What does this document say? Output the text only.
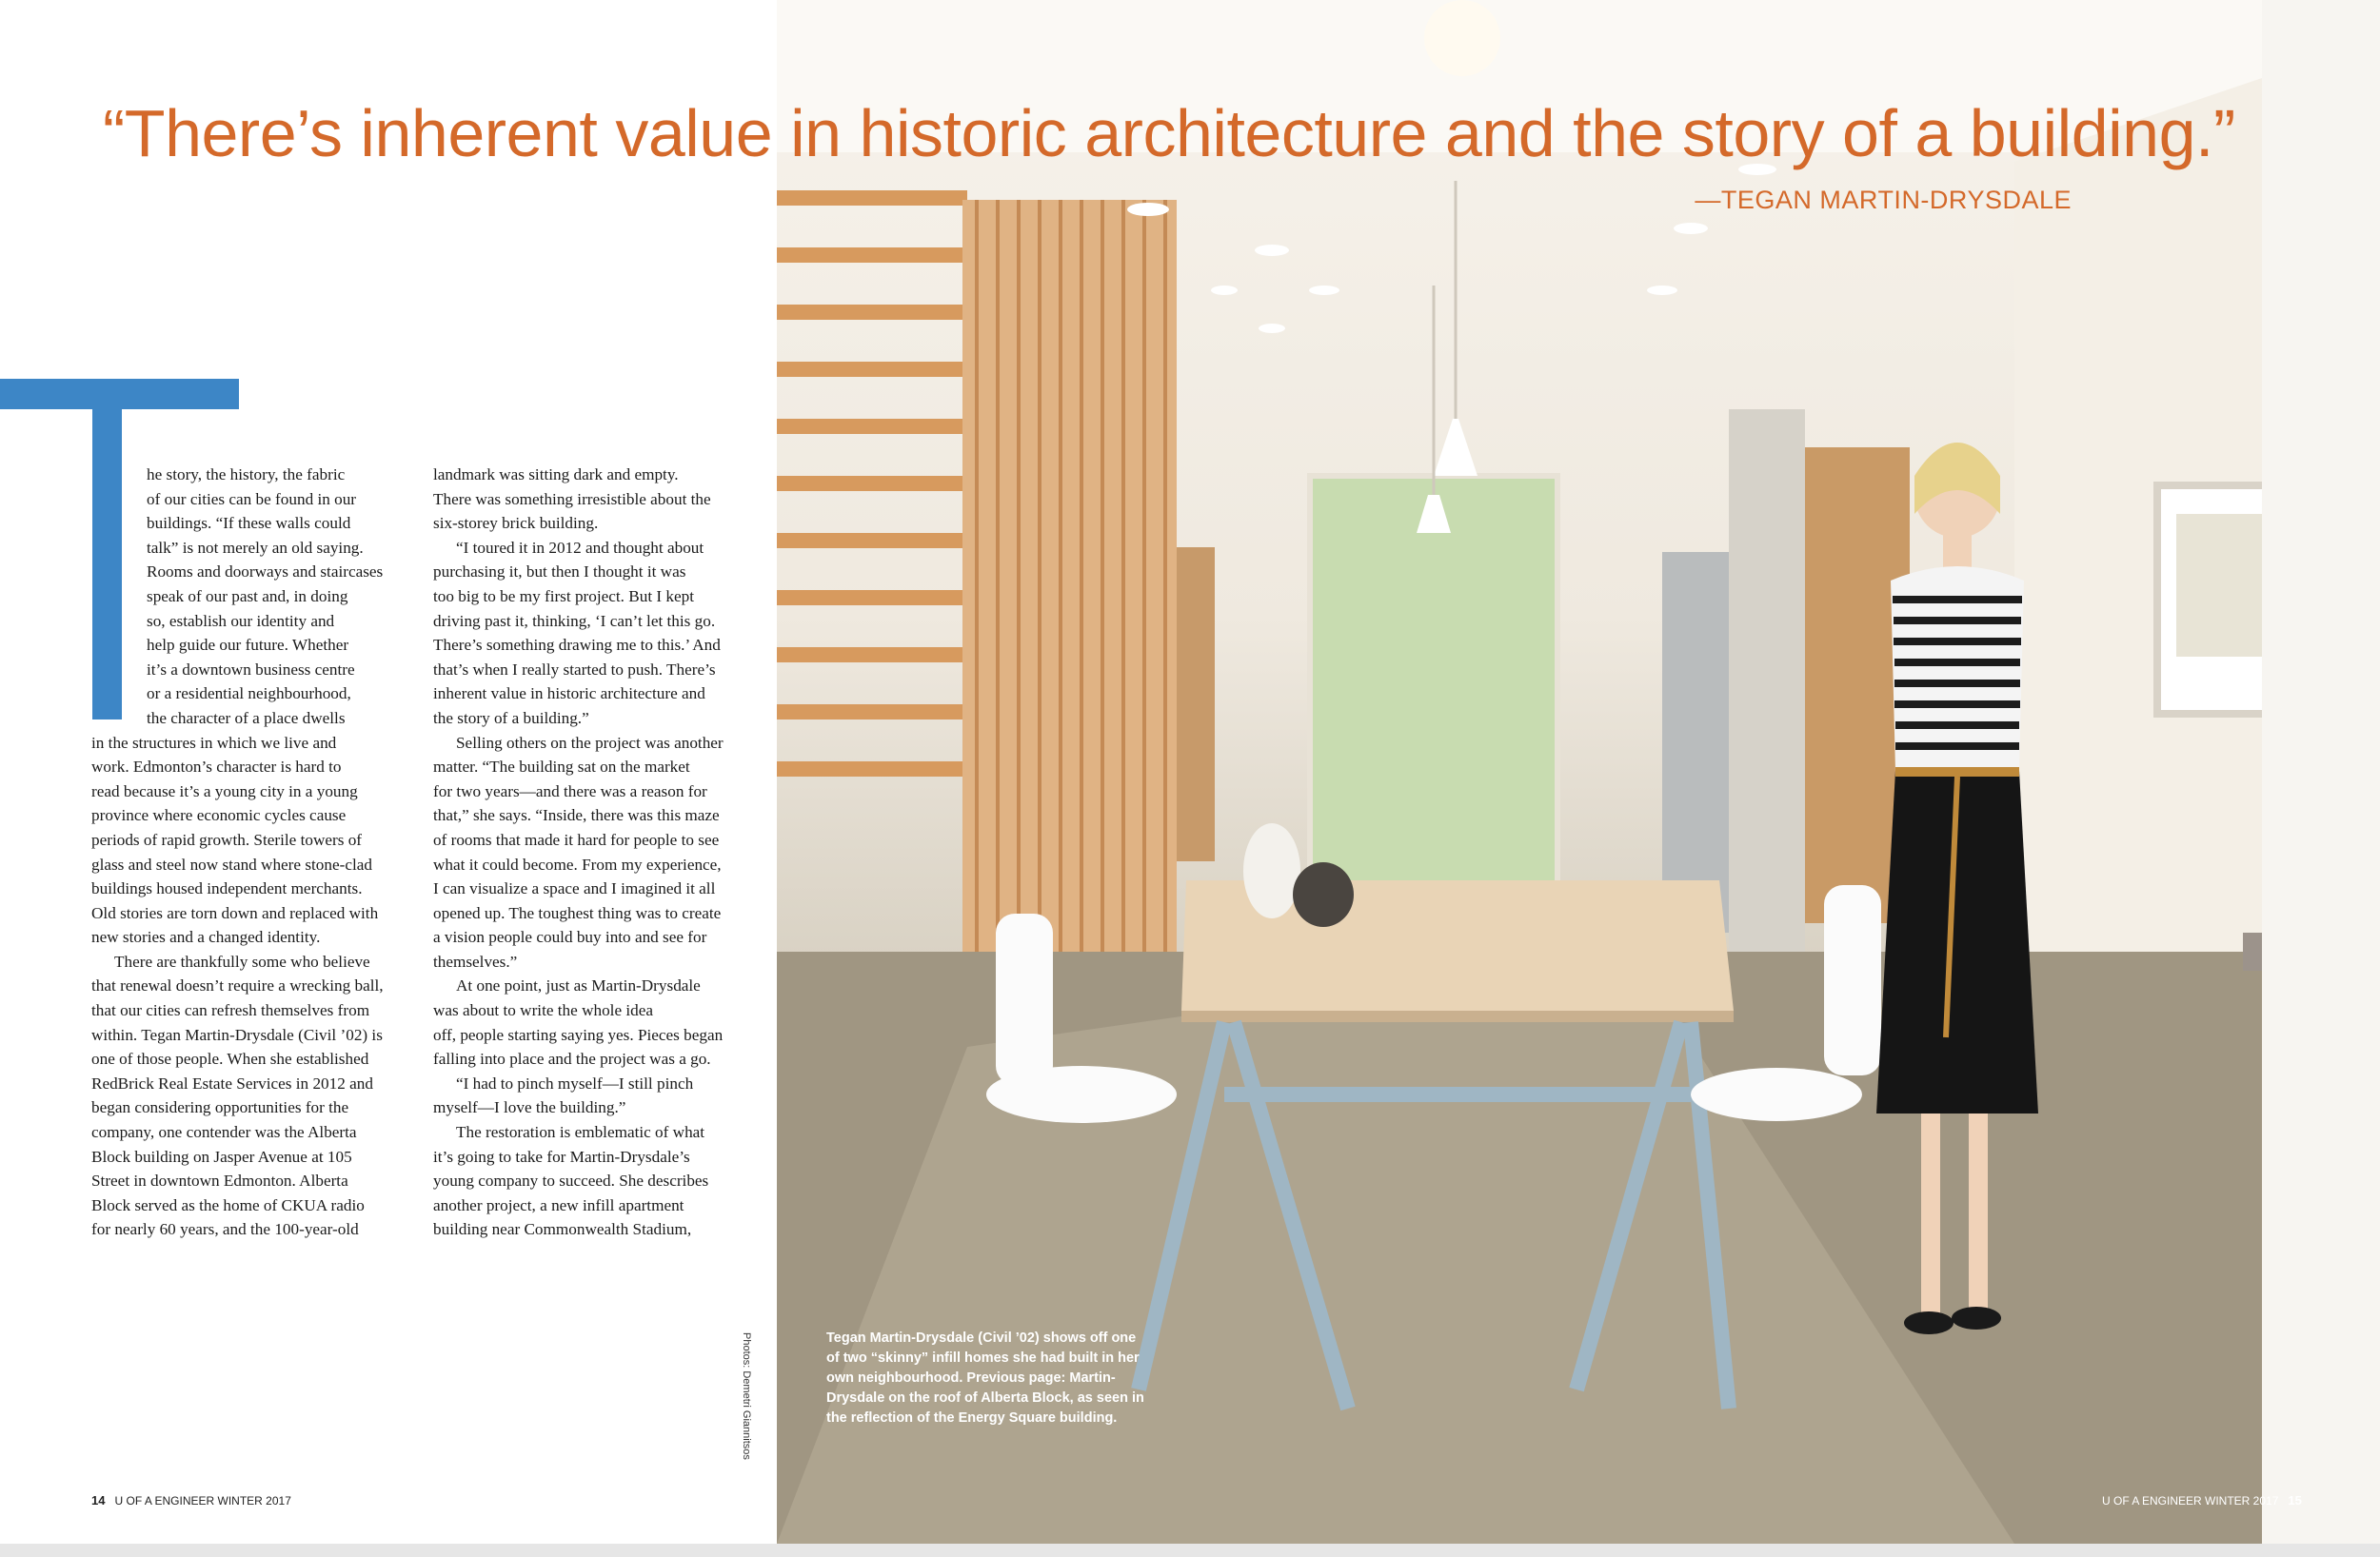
“There’s inherent value in historic architecture and the story of a building.”
—TEGAN MARTIN-DRYSDALE
he story, the history, the fabric
of our cities can be found in our
buildings. “If these walls could
talk” is not merely an old saying.
Rooms and doorways and staircases
speak of our past and, in doing
so, establish our identity and
help guide our future. Whether
it’s a downtown business centre
or a residential neighbourhood,
the character of a place dwells
in the structures in which we live and
work. Edmonton’s character is hard to
read because it’s a young city in a young
province where economic cycles cause
periods of rapid growth. Sterile towers of
glass and steel now stand where stone-clad
buildings housed independent merchants.
Old stories are torn down and replaced with
new stories and a changed identity.
There are thankfully some who believe
that renewal doesn’t require a wrecking ball,
that our cities can refresh themselves from
within. Tegan Martin-Drysdale (Civil ’02) is
one of those people. When she established
RedBrick Real Estate Services in 2012 and
began considering opportunities for the
company, one contender was the Alberta
Block building on Jasper Avenue at 105
Street in downtown Edmonton. Alberta
Block served as the home of CKUA radio
for nearly 60 years, and the 100-year-old
landmark was sitting dark and empty.
There was something irresistible about the
six-storey brick building.
“I toured it in 2012 and thought about
purchasing it, but then I thought it was
too big to be my first project. But I kept
driving past it, thinking, ‘I can’t let this go.
There’s something drawing me to this.’ And
that’s when I really started to push. There’s
inherent value in historic architecture and
the story of a building.”
Selling others on the project was another
matter. “The building sat on the market
for two years—and there was a reason for
that,” she says. “Inside, there was this maze
of rooms that made it hard for people to see
what it could become. From my experience,
I can visualize a space and I imagined it all
opened up. The toughest thing was to create
a vision people could buy into and see for
themselves.”
At one point, just as Martin-Drysdale
was about to write the whole idea
off, people starting saying yes. Pieces began
falling into place and the project was a go.
“I had to pinch myself—I still pinch
myself—I love the building.”
The restoration is emblematic of what
it’s going to take for Martin-Drysdale’s
young company to succeed. She describes
another project, a new infill apartment
building near Commonwealth Stadium,
Photos: Demetri Giannitsos	Tegan Martin-Drysdale (Civil ’02) shows off one of two “skinny” infill homes she had built in her own neighbourhood. Previous page: Martin-Drysdale on the roof of Alberta Block, as seen in the reflection of the Energy Square building.
14 U OF A ENGINEER WINTER 2017	U OF A ENGINEER WINTER 2017 15
